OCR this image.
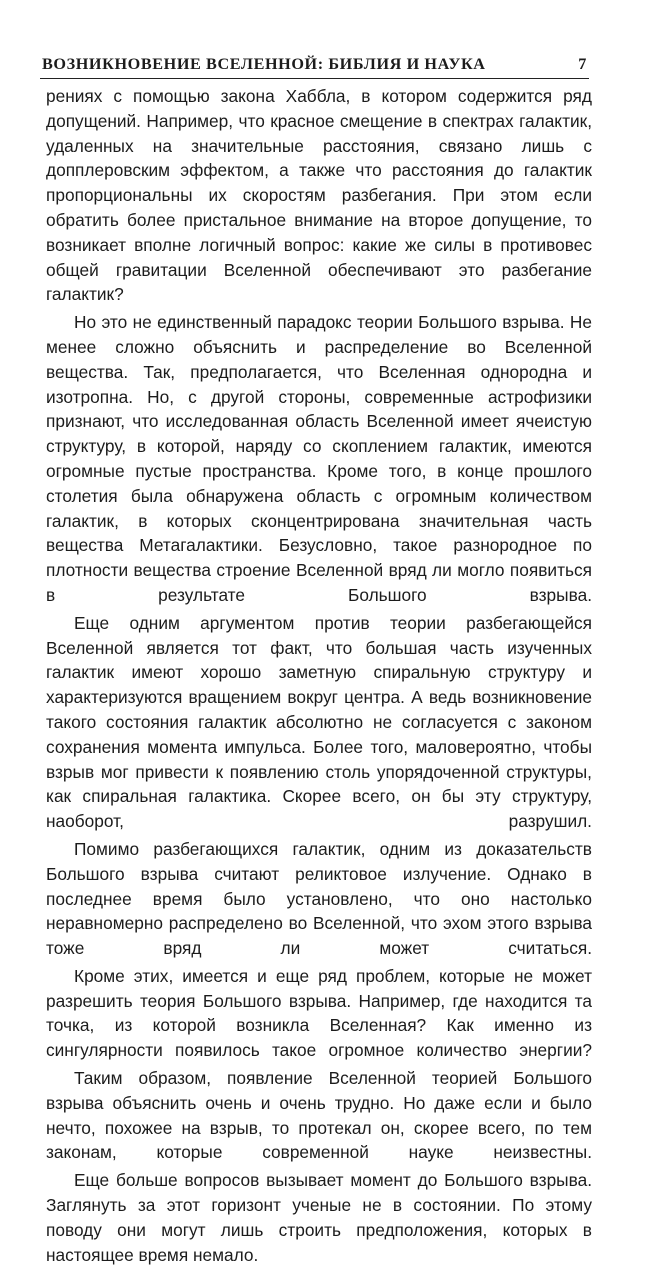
ВОЗНИКНОВЕНИЕ ВСЕЛЕННОЙ: БИБЛИЯ И НАУКА	7

рениях с помощью закона Хаббла, в котором содержится ряд допущений. Например, что красное смещение в спектрах галактик, удаленных на значительные расстояния, связано лишь с допплеровским эффектом, а также что расстояния до галактик пропорциональны их скоростям разбегания. При этом если обратить более пристальное внимание на второе допущение, то возникает вполне логичный вопрос: какие же силы в противовес общей гравитации Вселенной обеспечивают это разбегание галактик?

Но это не единственный парадокс теории Большого взрыва. Не менее сложно объяснить и распределение во Вселенной вещества. Так, предполагается, что Вселенная однородна и изотропна. Но, с другой стороны, современные астрофизики признают, что исследованная область Вселенной имеет ячеистую структуру, в которой, наряду со скоплением галактик, имеются огромные пустые пространства. Кроме того, в конце прошлого столетия была обнаружена область с огромным количеством галактик, в которых сконцентрирована значительная часть вещества Метагалактики. Безусловно, такое разнородное по плотности вещества строение Вселенной вряд ли могло появиться в результате Большого взрыва.

Еще одним аргументом против теории разбегающейся Вселенной является тот факт, что большая часть изученных галактик имеют хорошо заметную спиральную структуру и характеризуются вращением вокруг центра. А ведь возникновение такого состояния галактик абсолютно не согласуется с законом сохранения момента импульса. Более того, маловероятно, чтобы взрыв мог привести к появлению столь упорядоченной структуры, как спиральная галактика. Скорее всего, он бы эту структуру, наоборот, разрушил.

Помимо разбегающихся галактик, одним из доказательств Большого взрыва считают реликтовое излучение. Однако в последнее время было установлено, что оно настолько неравномерно распределено во Вселенной, что эхом этого взрыва тоже вряд ли может считаться.

Кроме этих, имеется и еще ряд проблем, которые не может разрешить теория Большого взрыва. Например, где находится та точка, из которой возникла Вселенная? Как именно из сингулярности появилось такое огромное количество энергии?

Таким образом, появление Вселенной теорией Большого взрыва объяснить очень и очень трудно. Но даже если и было нечто, похожее на взрыв, то протекал он, скорее всего, по тем законам, которые современной науке неизвестны.

Еще больше вопросов вызывает момент до Большого взрыва. Заглянуть за этот горизонт ученые не в состоянии. По этому поводу они могут лишь строить предположения, которых в настоящее время немало.
